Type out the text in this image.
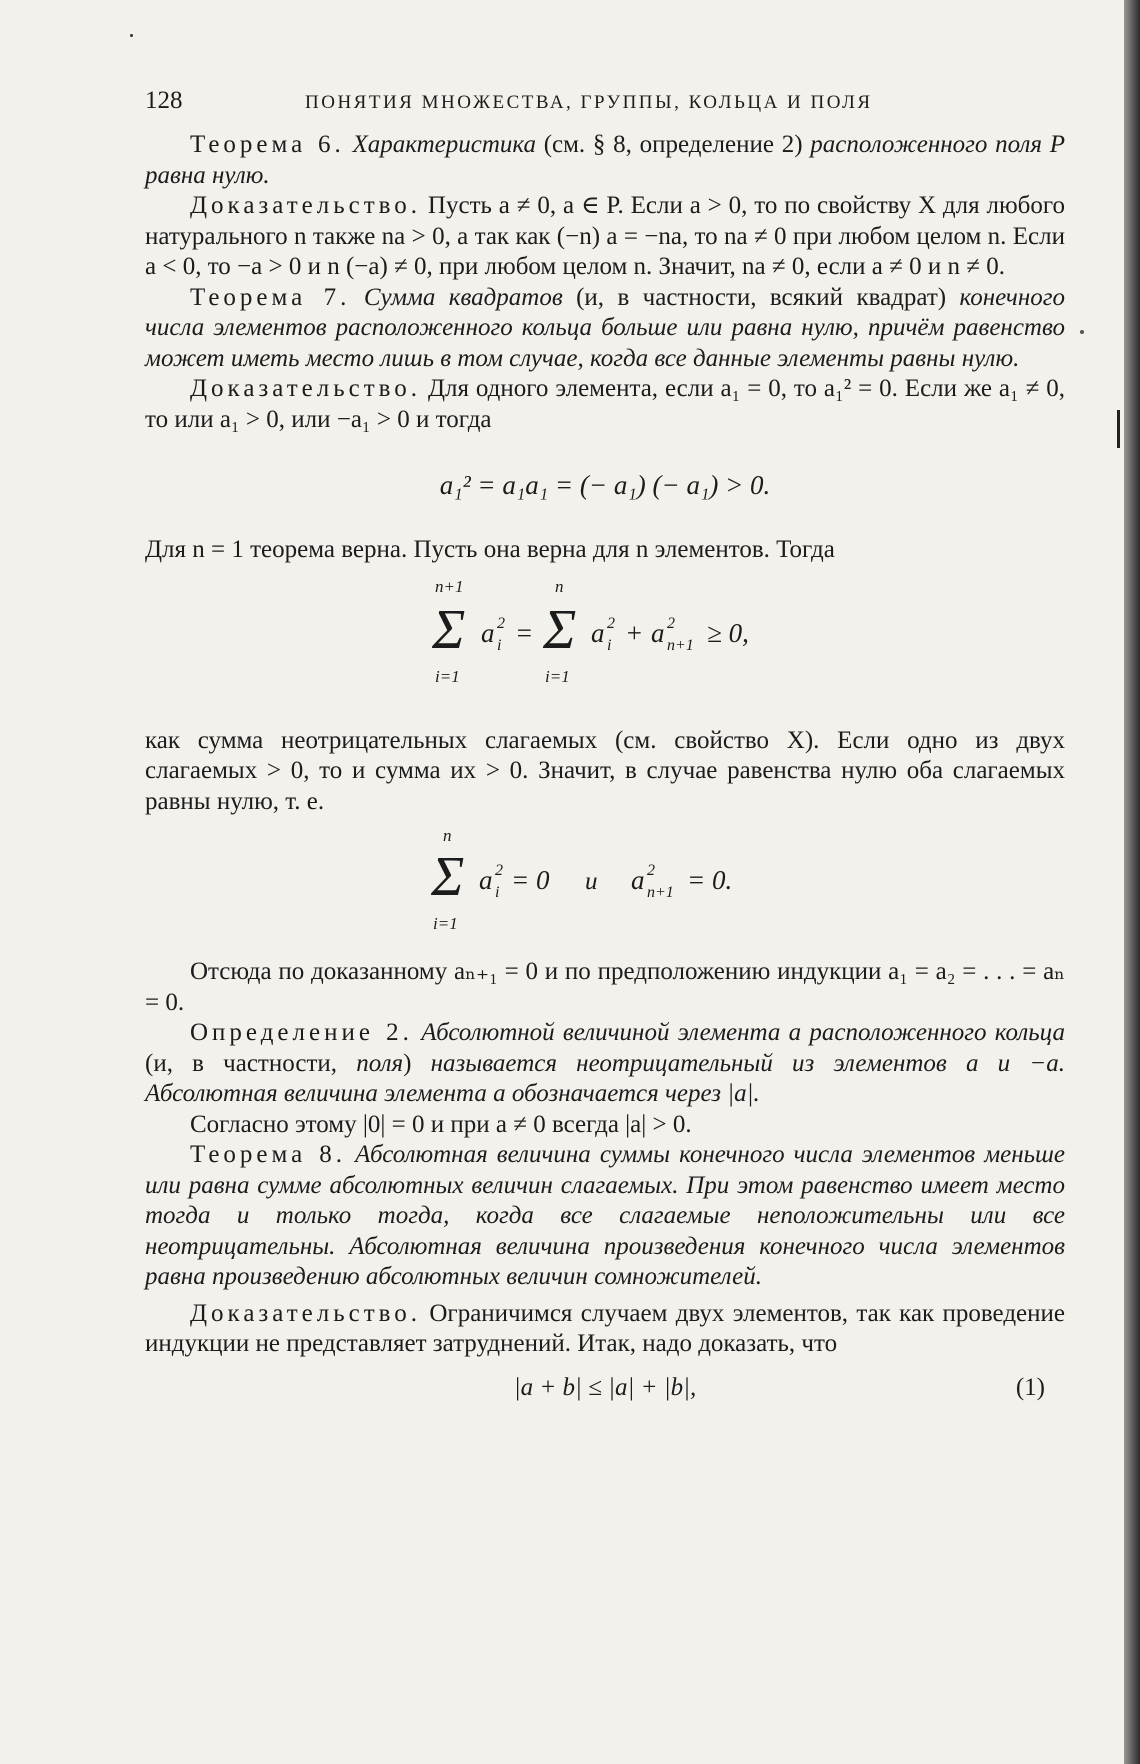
128	ПОНЯТИЯ МНОЖЕСТВА, ГРУППЫ, КОЛЬЦА И ПОЛЯ

Теорема 6. Характеристика (см. § 8, определение 2) расположенного поля P равна нулю.

Доказательство. Пусть a ≠ 0, a ∈ P. Если a > 0, то по свойству X для любого натурального n также na > 0, а так как (−n) a = −na, то na ≠ 0 при любом целом n. Если a < 0, то −a > 0 и n (−a) ≠ 0, при любом целом n. Значит, na ≠ 0, если a ≠ 0 и n ≠ 0.

Теорема 7. Сумма квадратов (и, в частности, всякий квадрат) конечного числа элементов расположенного кольца больше или равна нулю, причём равенство может иметь место лишь в том случае, когда все данные элементы равны нулю.

Доказательство. Для одного элемента, если a₁ = 0, то a₁² = 0. Если же a₁ ≠ 0, то или a₁ > 0, или −a₁ > 0 и тогда

a₁² = a₁a₁ = (− a₁) (− a₁) > 0.

Для n = 1 теорема верна. Пусть она верна для n элементов. Тогда

n+1
Σ
i=1
a i
2 =
n
Σ
i=1
a i
2 + a n+1
2 ≥ 0,

как сумма неотрицательных слагаемых (см. свойство X). Если одно из двух слагаемых > 0, то и сумма их > 0. Значит, в случае равенства нулю оба слагаемых равны нулю, т. е.

n
Σ
i=1
a i
2 = 0 и a n+1
2 = 0.

Отсюда по доказанному aₙ₊₁ = 0 и по предположению индукции a₁ = a₂ = . . . = aₙ = 0.

Определение 2. Абсолютной величиной элемента a расположенного кольца (и, в частности, поля) называется неотрицательный из элементов a и −a. Абсолютная величина элемента a обозначается через |a|.

Согласно этому |0| = 0 и при a ≠ 0 всегда |a| > 0.

Теорема 8. Абсолютная величина суммы конечного числа элементов меньше или равна сумме абсолютных величин слагаемых. При этом равенство имеет место тогда и только тогда, когда все слагаемые неположительны или все неотрицательны. Абсолютная величина произведения конечного числа элементов равна произведению абсолютных величин сомножителей.

Доказательство. Ограничимся случаем двух элементов, так как проведение индукции не представляет затруднений. Итак, надо доказать, что

|a + b| ≤ |a| + |b|,	(1)
